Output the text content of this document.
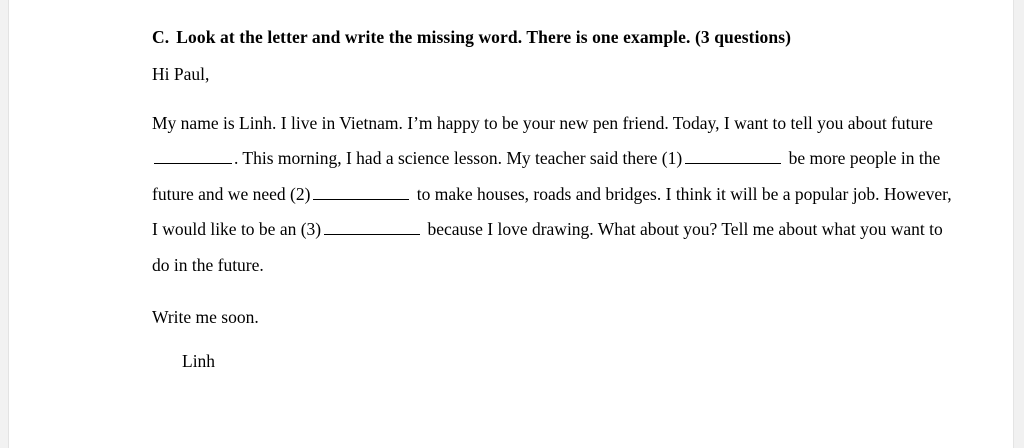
C. Look at the letter and write the missing word. There is one example. (3 questions)
Hi Paul,
My name is Linh. I live in Vietnam. I’m happy to be your new pen friend. Today, I want to tell you about future. This morning, I had a science lesson. My teacher said there (1)	be more people in the future and we need (2)	to make houses, roads and bridges. I think it will be a popular job. However, I would like to be an (3)	because I love drawing. What about you? Tell me about what you want to do in the future.
Write me soon.
Linh
